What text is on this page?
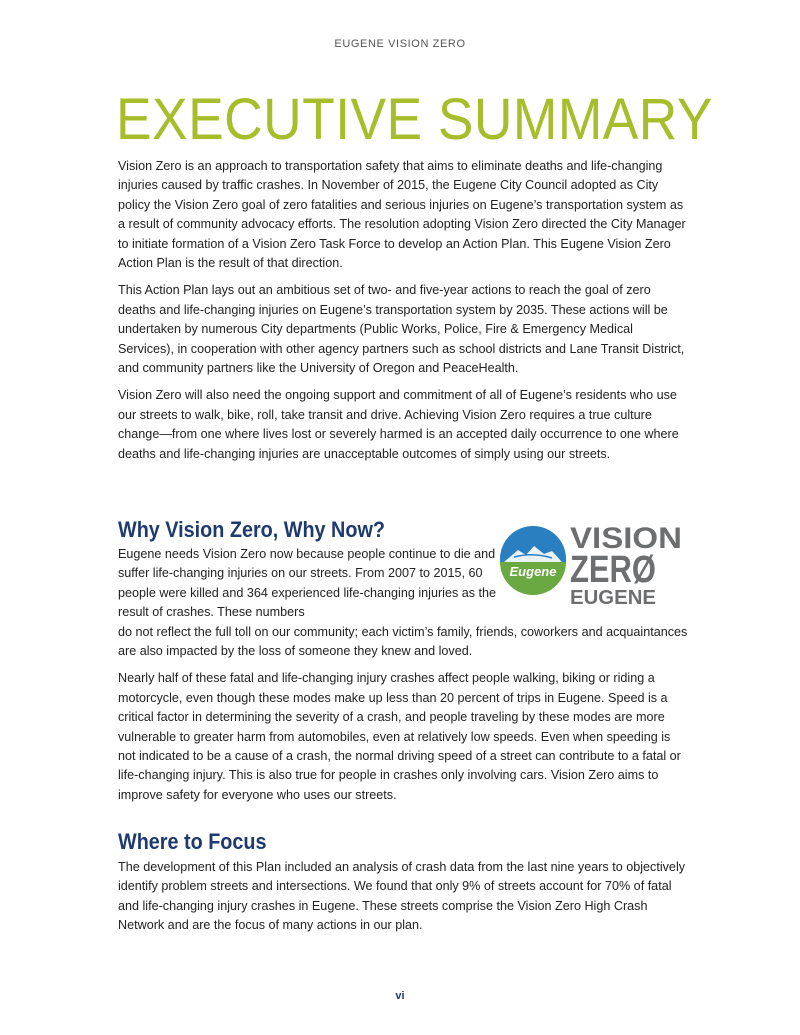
EUGENE VISION ZERO
EXECUTIVE SUMMARY

Vision Zero is an approach to transportation safety that aims to eliminate deaths and life-changing injuries caused by traffic crashes. In November of 2015, the Eugene City Council adopted as City policy the Vision Zero goal of zero fatalities and serious injuries on Eugene’s transportation system as a result of community advocacy efforts. The resolution adopting Vision Zero directed the City Manager to initiate formation of a Vision Zero Task Force to develop an Action Plan. This Eugene Vision Zero Action Plan is the result of that direction.

This Action Plan lays out an ambitious set of two- and five-year actions to reach the goal of zero deaths and life-changing injuries on Eugene’s transportation system by 2035. These actions will be undertaken by numerous City departments (Public Works, Police, Fire & Emergency Medical Services), in cooperation with other agency partners such as school districts and Lane Transit District, and community partners like the University of Oregon and PeaceHealth.

Vision Zero will also need the ongoing support and commitment of all of Eugene’s residents who use our streets to walk, bike, roll, take transit and drive. Achieving Vision Zero requires a true culture change—from one where lives lost or severely harmed is an accepted daily occurrence to one where deaths and life-changing injuries are unacceptable outcomes of simply using our streets.

Why Vision Zero, Why Now?

Eugene needs Vision Zero now because people continue to die and suffer life-changing injuries on our streets. From 2007 to 2015, 60 people were killed and 364 experienced life-changing injuries as the result of crashes. These numbers
do not reflect the full toll on our community; each victim’s family, friends, coworkers and acquaintances are also impacted by the loss of someone they knew and loved.

Nearly half of these fatal and life-changing injury crashes affect people walking, biking or riding a motorcycle, even though these modes make up less than 20 percent of trips in Eugene. Speed is a critical factor in determining the severity of a crash, and people traveling by these modes are more vulnerable to greater harm from automobiles, even at relatively low speeds. Even when speeding is not indicated to be a cause of a crash, the normal driving speed of a street can contribute to a fatal or life-changing injury. This is also true for people in crashes only involving cars. Vision Zero aims to improve safety for everyone who uses our streets.

Eugene
VISION
ZERØ
EUGENE
Where to Focus

The development of this Plan included an analysis of crash data from the last nine years to objectively identify problem streets and intersections. We found that only 9% of streets account for 70% of fatal and life-changing injury crashes in Eugene. These streets comprise the Vision Zero High Crash Network and are the focus of many actions in our plan.

vi
